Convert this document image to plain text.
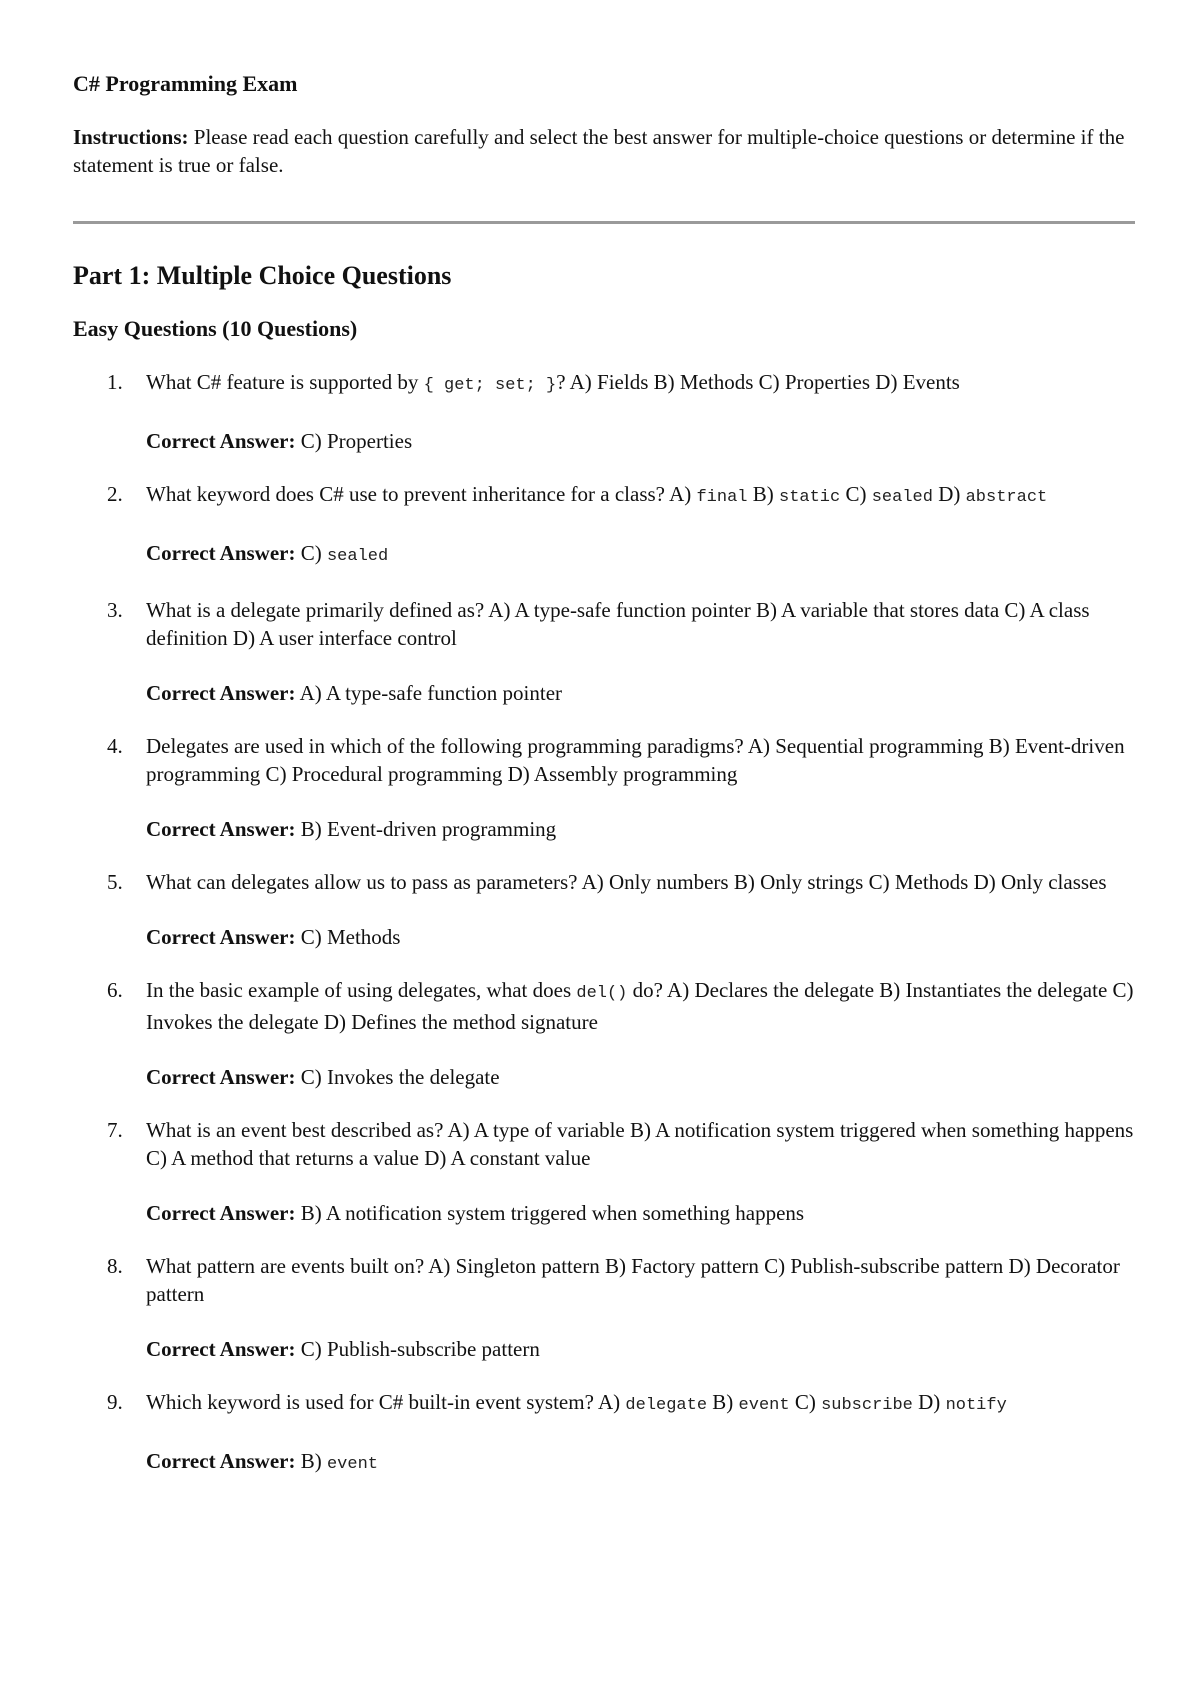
C# Programming Exam

Instructions: Please read each question carefully and select the best answer for multiple-choice questions or determine if the statement is true or false.

Part 1: Multiple Choice Questions
Easy Questions (10 Questions)
1. What C# feature is supported by { get; set; }? A) Fields B) Methods C) Properties D) Events

Correct Answer: C) Properties

2. What keyword does C# use to prevent inheritance for a class? A) final B) static C) sealed D) abstract

Correct Answer: C) sealed

3. What is a delegate primarily defined as? A) A type-safe function pointer B) A variable that stores data C) A class definition D) A user interface control

Correct Answer: A) A type-safe function pointer

4. Delegates are used in which of the following programming paradigms? A) Sequential programming B) Event-driven programming C) Procedural programming D) Assembly programming

Correct Answer: B) Event-driven programming

5. What can delegates allow us to pass as parameters? A) Only numbers B) Only strings C) Methods D) Only classes

Correct Answer: C) Methods

6. In the basic example of using delegates, what does del() do? A) Declares the delegate B) Instantiates the delegate C) Invokes the delegate D) Defines the method signature

Correct Answer: C) Invokes the delegate

7. What is an event best described as? A) A type of variable B) A notification system triggered when something happens C) A method that returns a value D) A constant value

Correct Answer: B) A notification system triggered when something happens

8. What pattern are events built on? A) Singleton pattern B) Factory pattern C) Publish-subscribe pattern D) Decorator pattern

Correct Answer: C) Publish-subscribe pattern

9. Which keyword is used for C# built-in event system? A) delegate B) event C) subscribe D) notify

Correct Answer: B) event
